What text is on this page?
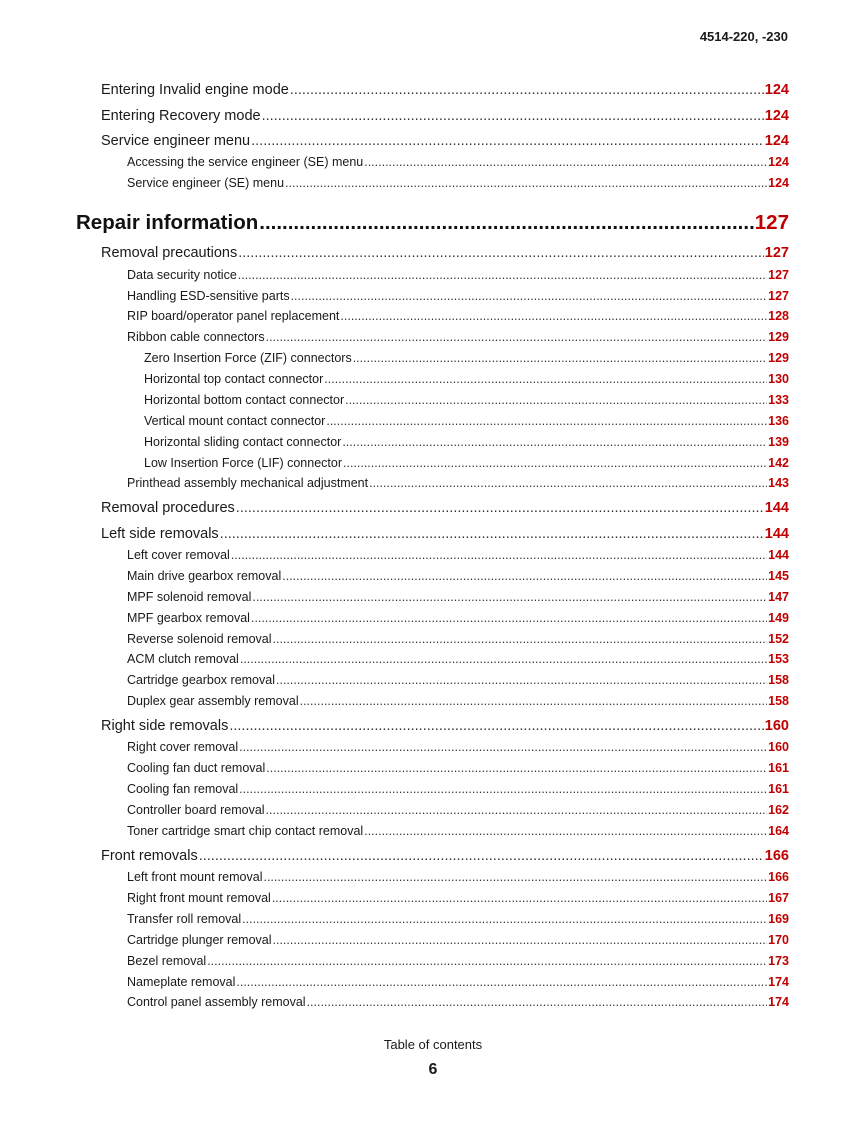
4514-220, -230
Entering Invalid engine mode .....	124
Entering Recovery mode .....	124
Service engineer menu .....	124
Accessing the service engineer (SE) menu .....	124
Service engineer (SE) menu .....	124
Repair information .....	127
Removal precautions .....	127
Data security notice .....	127
Handling ESD-sensitive parts .....	127
RIP board/operator panel replacement .....	128
Ribbon cable connectors .....	129
Zero Insertion Force (ZIF) connectors .....	129
Horizontal top contact connector .....	130
Horizontal bottom contact connector .....	133
Vertical mount contact connector .....	136
Horizontal sliding contact connector .....	139
Low Insertion Force (LIF) connector .....	142
Printhead assembly mechanical adjustment .....	143
Removal procedures .....	144
Left side removals .....	144
Left cover removal .....	144
Main drive gearbox removal .....	145
MPF solenoid removal .....	147
MPF gearbox removal .....	149
Reverse solenoid removal .....	152
ACM clutch removal .....	153
Cartridge gearbox removal .....	158
Duplex gear assembly removal .....	158
Right side removals .....	160
Right cover removal .....	160
Cooling fan duct removal .....	161
Cooling fan removal .....	161
Controller board removal .....	162
Toner cartridge smart chip contact removal .....	164
Front removals .....	166
Left front mount removal .....	166
Right front mount removal .....	167
Transfer roll removal .....	169
Cartridge plunger removal .....	170
Bezel removal .....	173
Nameplate removal .....	174
Control panel assembly removal .....	174
Table of contents
6
